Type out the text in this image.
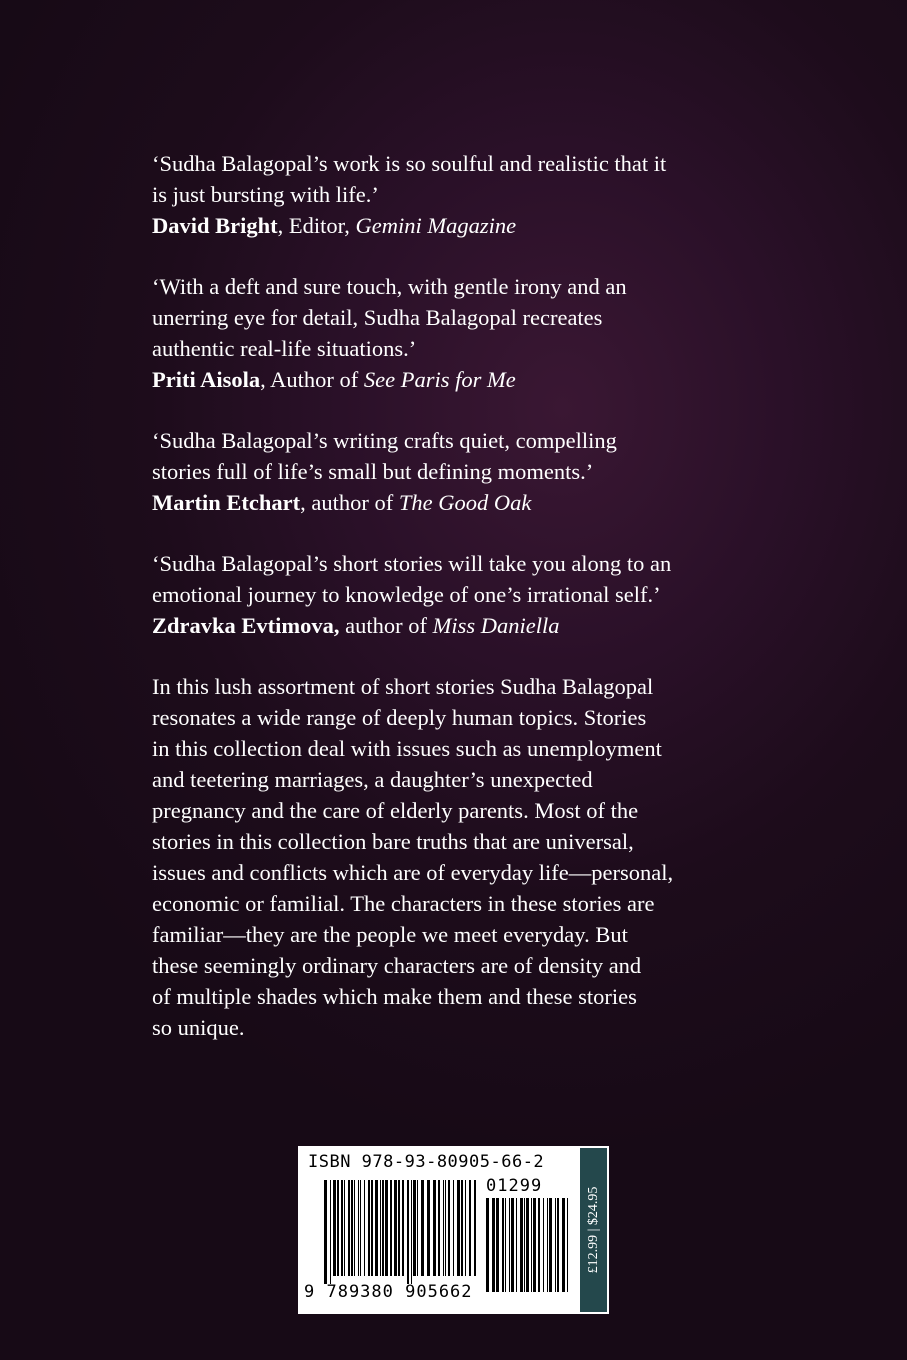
‘Sudha Balagopal’s work is so soulful and realistic that it

is just bursting with life.’

David Bright, Editor, Gemini Magazine

‘With a deft and sure touch, with gentle irony and an

unerring eye for detail, Sudha Balagopal recreates

authentic real-life situations.’

Priti Aisola, Author of See Paris for Me

‘Sudha Balagopal’s writing crafts quiet, compelling

stories full of life’s small but defining moments.’

Martin Etchart, author of The Good Oak

‘Sudha Balagopal’s short stories will take you along to an

emotional journey to knowledge of one’s irrational self.’

Zdravka Evtimova, author of Miss Daniella

In this lush assortment of short stories Sudha Balagopal

resonates a wide range of deeply human topics. Stories

in this collection deal with issues such as unemployment

and teetering marriages, a daughter’s unexpected

pregnancy and the care of elderly parents. Most of the

stories in this collection bare truths that are universal,

issues and conflicts which are of everyday life—personal,

economic or familial. The characters in these stories are

familiar—they are the people we meet everyday. But

these seemingly ordinary characters are of density and

of multiple shades which make them and these stories

so unique.

ISBN 978-93-80905-66-2
01299
9 789380 905662
£12.99 | $24.95
